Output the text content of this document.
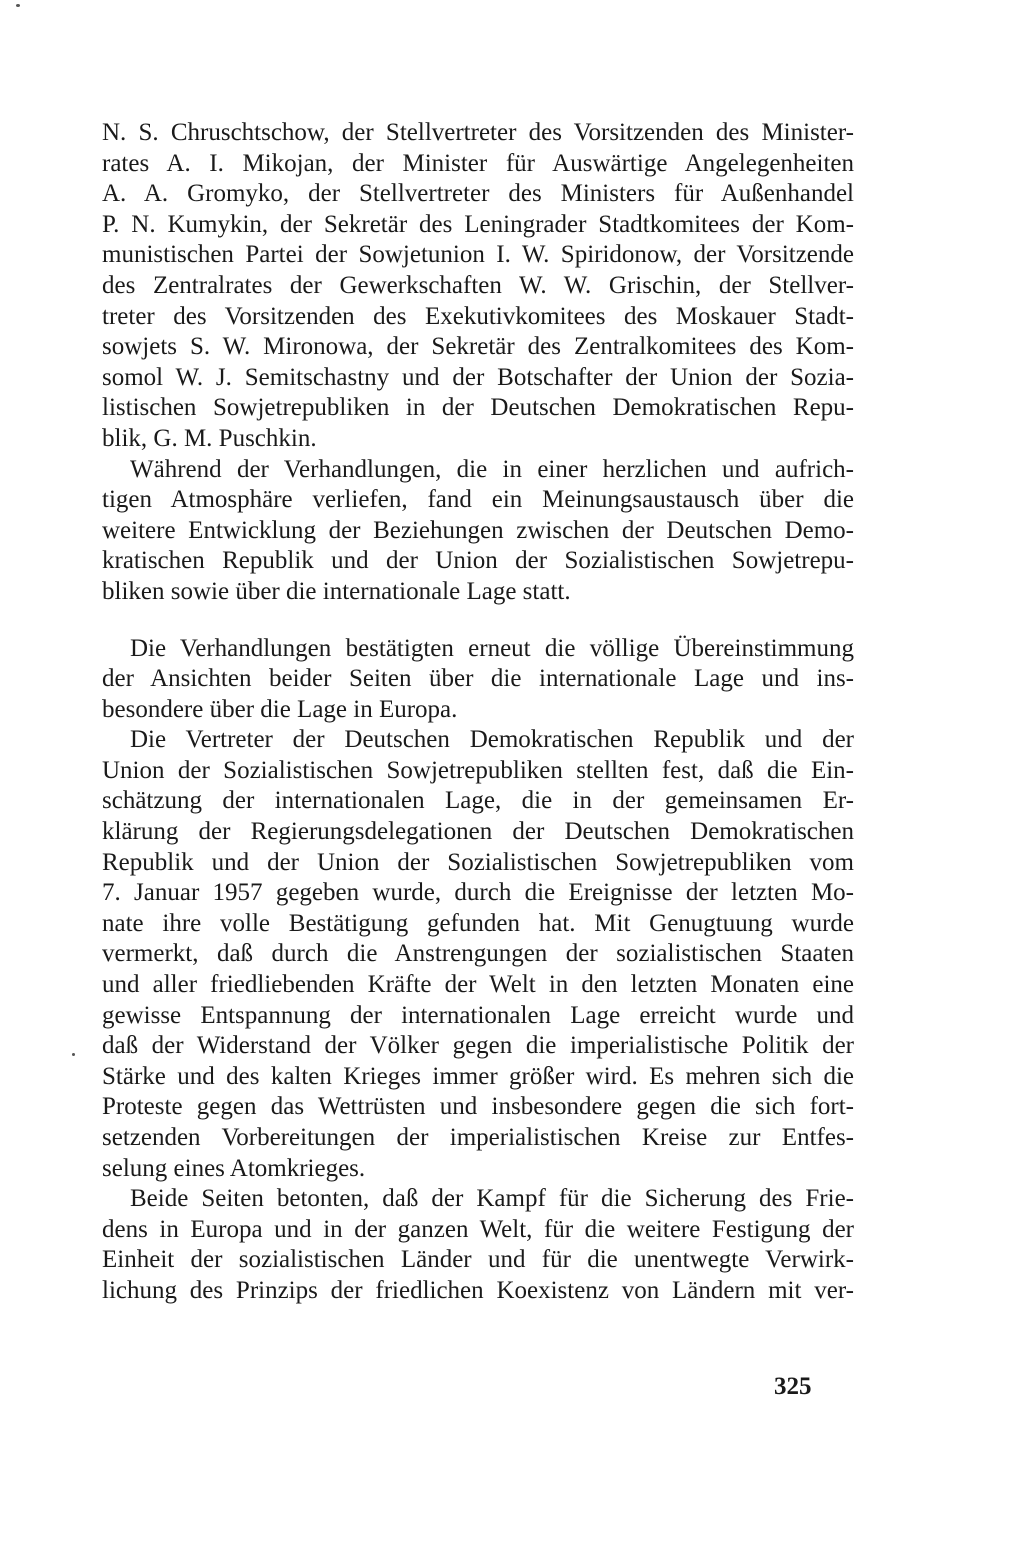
N. S. Chruschtschow, der Stellvertreter des Vorsitzenden des Minister-
rates A. I. Mikojan, der Minister für Auswärtige Angelegenheiten
A. A. Gromyko, der Stellvertreter des Ministers für Außenhandel
P. N. Kumykin, der Sekretär des Leningrader Stadtkomitees der Kom-
munistischen Partei der Sowjetunion I. W. Spiridonow, der Vorsitzende
des Zentralrates der Gewerkschaften W. W. Grischin, der Stellver-
treter des Vorsitzenden des Exekutivkomitees des Moskauer Stadt-
sowjets S. W. Mironowa, der Sekretär des Zentralkomitees des Kom-
somol W. J. Semitschastny und der Botschafter der Union der Sozia-
listischen Sowjetrepubliken in der Deutschen Demokratischen Repu-
blik, G. M. Puschkin.
Während der Verhandlungen, die in einer herzlichen und aufrich-
tigen Atmosphäre verliefen, fand ein Meinungsaustausch über die
weitere Entwicklung der Beziehungen zwischen der Deutschen Demo-
kratischen Republik und der Union der Sozialistischen Sowjetrepu-
bliken sowie über die internationale Lage statt.
Die Verhandlungen bestätigten erneut die völlige Übereinstimmung
der Ansichten beider Seiten über die internationale Lage und ins-
besondere über die Lage in Europa.
Die Vertreter der Deutschen Demokratischen Republik und der
Union der Sozialistischen Sowjetrepubliken stellten fest, daß die Ein-
schätzung der internationalen Lage, die in der gemeinsamen Er-
klärung der Regierungsdelegationen der Deutschen Demokratischen
Republik und der Union der Sozialistischen Sowjetrepubliken vom
7. Januar 1957 gegeben wurde, durch die Ereignisse der letzten Mo-
nate ihre volle Bestätigung gefunden hat. Mit Genugtuung wurde
vermerkt, daß durch die Anstrengungen der sozialistischen Staaten
und aller friedliebenden Kräfte der Welt in den letzten Monaten eine
gewisse Entspannung der internationalen Lage erreicht wurde und
daß der Widerstand der Völker gegen die imperialistische Politik der
Stärke und des kalten Krieges immer größer wird. Es mehren sich die
Proteste gegen das Wettrüsten und insbesondere gegen die sich fort-
setzenden Vorbereitungen der imperialistischen Kreise zur Entfes-
selung eines Atomkrieges.
Beide Seiten betonten, daß der Kampf für die Sicherung des Frie-
dens in Europa und in der ganzen Welt, für die weitere Festigung der
Einheit der sozialistischen Länder und für die unentwegte Verwirk-
lichung des Prinzips der friedlichen Koexistenz von Ländern mit ver-
325
